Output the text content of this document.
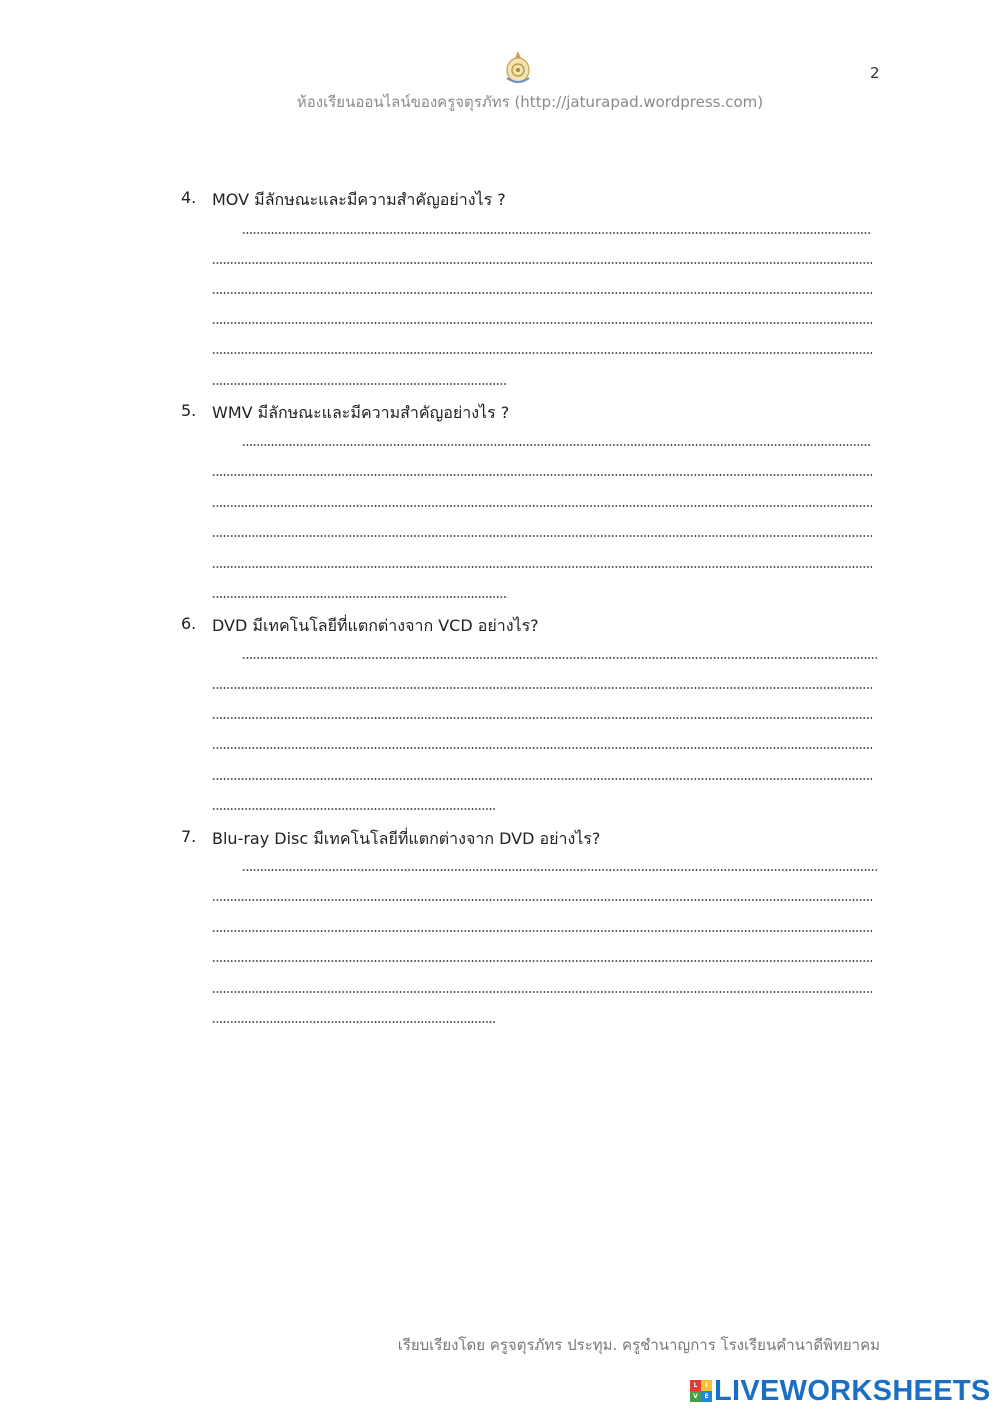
ห้องเรียนออนไลน์ของครูจตุรภัทร (http://jaturapad.wordpress.com)
2
4. MOV มีลักษณะและมีความสำคัญอย่างไร ?
5. WMV มีลักษณะและมีความสำคัญอย่างไร ?
6. DVD มีเทคโนโลยีที่แตกต่างจาก VCD อย่างไร?
7. Blu-ray Disc มีเทคโนโลยีที่แตกต่างจาก DVD อย่างไร?
เรียบเรียงโดย ครูจตุรภัทร ประทุม. ครูชำนาญการ โรงเรียนคำนาดีพิทยาคม
L	I
V	E LIVEWORKSHEETS
